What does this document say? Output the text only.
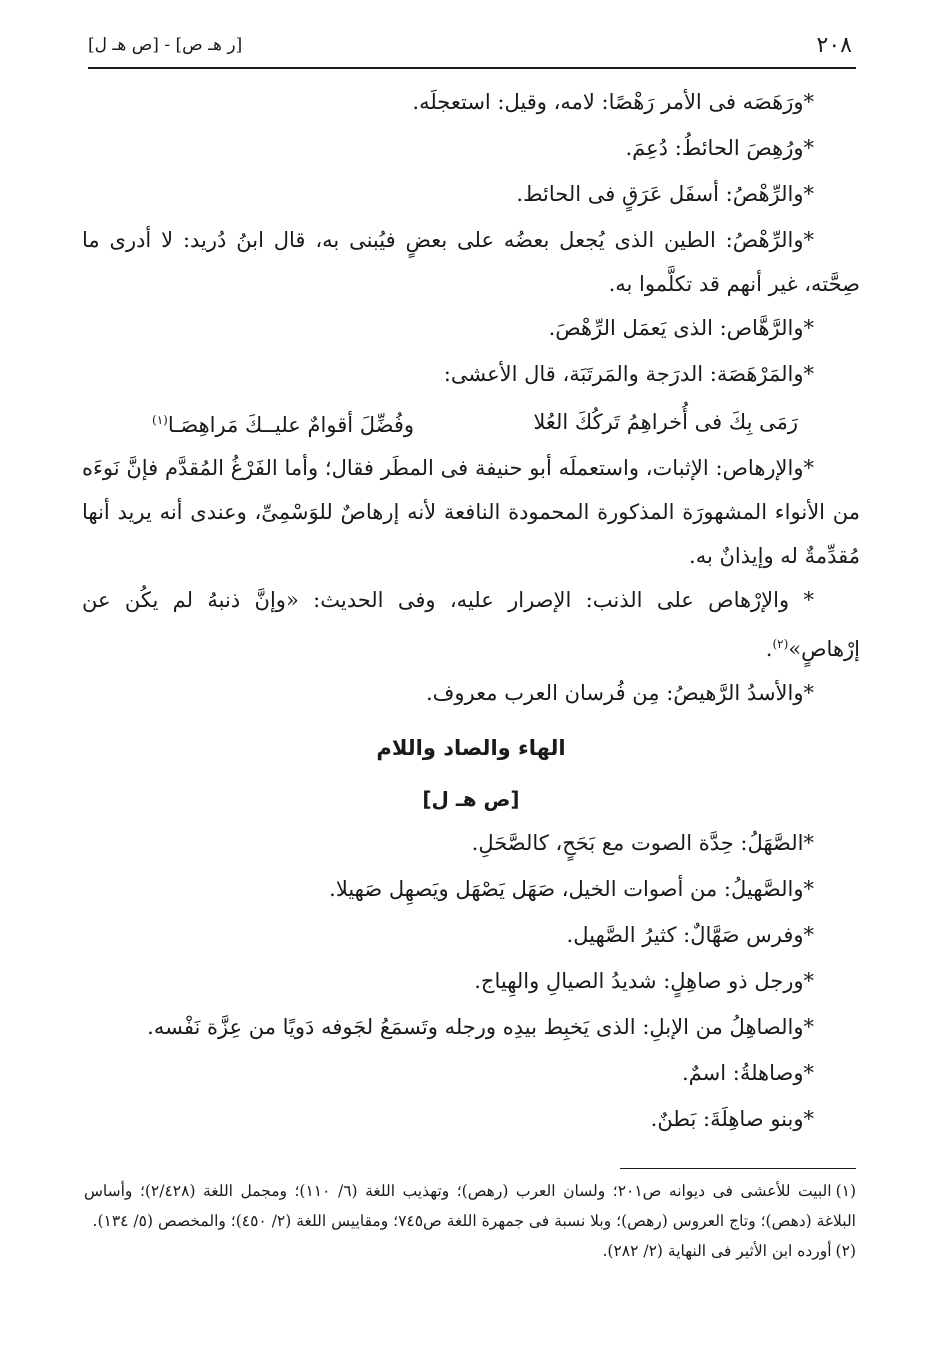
٢٠٨
[ر هـ ص] - [ص هـ ل]

*ورَهَصَه فى الأمر رَهْصًا: لامه، وقيل: استعجلَه.

*ورُهِصَ الحائطُ: دُعِمَ.

*والرِّهْصُ: أسفَل عَرَقٍ فى الحائط.

*والرِّهْصُ: الطين الذى يُجعل بعضُه على بعضٍ فيُبنى به، قال ابنُ دُريد: لا أدرى ما صِحَّته، غير أنهم قد تكلَّموا به.

*والرَّهَّاص: الذى يَعمَل الرِّهْصَ.

*والمَرْهَصَة: الدرَجة والمَرتَبَة، قال الأعشى:

رَمَى بِكَ فى أُخراهِمُ تَركُكَ العُلا
وفُضِّلَ أقوامٌ عليــكَ مَراهِصَـا$^{(١)}$

*والإرهاص: الإثبات، واستعملَه أبو حنيفة فى المطَر فقال؛ وأما الفَرْغُ المُقدَّم فإنَّ نَوءَه من الأنواء المشهورَة المذكورة المحمودة النافعة لأنه إرهاصٌ للوَسْمِىِّ، وعندى أنه يريد أنها مُقدِّمةٌ له وإيذانٌ به.

* والإرْهاص على الذنب: الإصرار عليه، وفى الحديث: «وإنَّ ذنبهُ لم يكُن عن إرْهاصٍ»$^{(٢)}$.

*والأسدُ الرَّهيصُ: مِن فُرسان العرب معروف.

الهاء والصاد واللام
[ص هـ ل]

*الصَّهَلُ: حِدَّة الصوت مع بَحَحٍ، كالصَّحَلِ.

*والصَّهيلُ: من أصوات الخيل، صَهَل يَصْهَل ويَصهِل صَهيلا.

*وفرس صَهَّالٌ: كثيرُ الصَّهيل.

*ورجل ذو صاهِلٍ: شديدُ الصيالِ والهِياج.

*والصاهِلُ من الإبلِ: الذى يَخبِط بيدِه ورجله وتَسمَعُ لجَوفه دَويًا من عِزَّة نَفْسه.

*وصاهلةُ: اسمٌ.

*وبنو صاهِلَةَ: بَطنٌ.

(١)البيت للأعشى فى ديوانه ص٢٠١؛ ولسان العرب (رهص)؛ وتهذيب اللغة (٦/ ١١٠)؛ ومجمل اللغة (٢/٤٢٨)؛ وأساس البلاغة (دهص)؛ وتاج العروس (رهص)؛ وبلا نسبة فى جمهرة اللغة ص٧٤٥؛ ومقاييس اللغة (٢/ ٤٥٠)؛ والمخصص (٥/ ١٣٤).

(٢)أورده ابن الأثير فى النهاية (٢/ ٢٨٢).
